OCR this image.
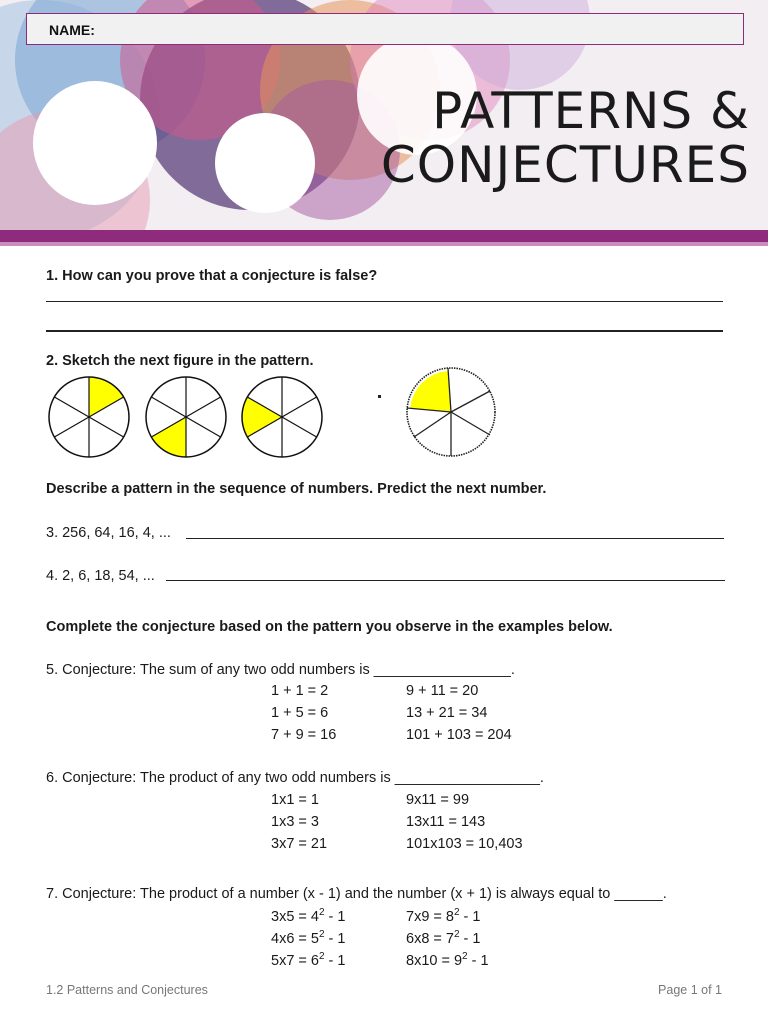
NAME:
PATTERNS &
CONJECTURES
1. How can you prove that a conjecture is false?
2. Sketch the next figure in the pattern.
Describe a pattern in the sequence of numbers. Predict the next number.
3. 256, 64, 16, 4, ...
4. 2, 6, 18, 54, ...
Complete the conjecture based on the pattern you observe in the examples below.
5. Conjecture: The sum of any two odd numbers is _________________.
1 + 1 = 2
1 + 5 = 6
7 + 9 = 16
9 + 11 = 20
13 + 21 = 34
101 + 103 = 204
6. Conjecture: The product of any two odd numbers is __________________.
1x1 = 1
1x3 = 3
3x7 = 21
9x11 = 99
13x11 = 143
101x103 = 10,403
7. Conjecture: The product of a number (x - 1) and the number (x + 1) is always equal to ______.
$3x5 = 4^2 - 1$
$4x6 = 5^2 - 1$
$5x7 = 6^2 - 1$
$7x9 = 8^2 - 1$
$6x8 = 7^2 - 1$
$8x10 = 9^2 - 1$
1.2 Patterns and Conjectures	Page 1 of 1
